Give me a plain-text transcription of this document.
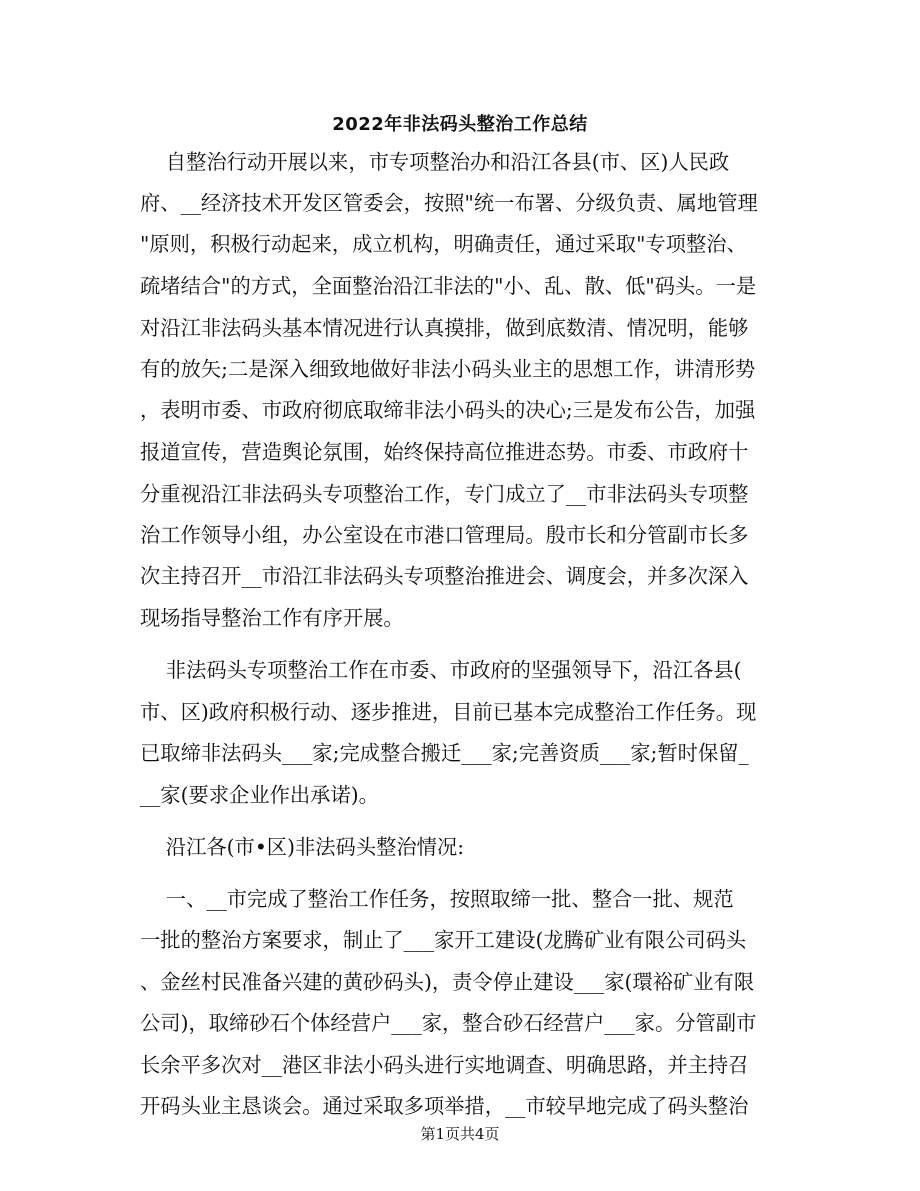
2022年非法码头整治工作总结

自整治行动开展以来，市专项整治办和沿江各县(市、区)人民政

府、__经济技术开发区管委会，按照"统一布署、分级负责、属地管理

"原则，积极行动起来，成立机构，明确责任，通过采取"专项整治、

疏堵结合"的方式，全面整治沿江非法的"小、乱、散、低"码头。一是

对沿江非法码头基本情况进行认真摸排，做到底数清、情况明，能够

有的放矢;二是深入细致地做好非法小码头业主的思想工作，讲清形势

，表明市委、市政府彻底取缔非法小码头的决心;三是发布公告，加强

报道宣传，营造舆论氛围，始终保持高位推进态势。市委、市政府十

分重视沿江非法码头专项整治工作，专门成立了__市非法码头专项整

治工作领导小组，办公室设在市港口管理局。殷市长和分管副市长多

次主持召开__市沿江非法码头专项整治推进会、调度会，并多次深入

现场指导整治工作有序开展。

非法码头专项整治工作在市委、市政府的坚强领导下，沿江各县(

市、区)政府积极行动、逐步推进，目前已基本完成整治工作任务。现

已取缔非法码头___家;完成整合搬迁___家;完善资质___家;暂时保留_

__家(要求企业作出承诺)。

沿江各(市•区)非法码头整治情况:

一、__市完成了整治工作任务，按照取缔一批、整合一批、规范

一批的整治方案要求，制止了___家开工建设(龙腾矿业有限公司码头

、金丝村民准备兴建的黄砂码头)，责令停止建设___家(環裕矿业有限

公司)，取缔砂石个体经营户___家，整合砂石经营户___家。分管副市

长余平多次对__港区非法小码头进行实地调查、明确思路，并主持召

开码头业主恳谈会。通过采取多项举措，__市较早地完成了码头整治

第1页共4页
